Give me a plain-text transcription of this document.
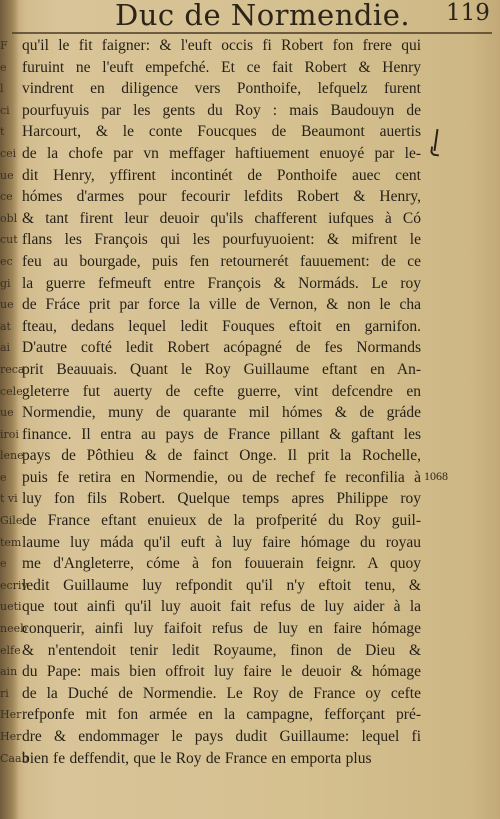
Duc de Normendie. 119
F
e
l
ci
t
cei
ue
ce
obl
cut
ec
gi
ue
at
ai
reca
cele
ue
iroi
lene
e
t vi
Gile
tem
e
ecriv
ueti
neeb
elfe
ain
ri
Her
Her
Caab
qu'il le fit faigner: & l'euft occis fi Robert fon frere qui
furuint ne l'euft empefché. Et ce fait Robert & Henry
vindrent en diligence vers Ponthoife, lefquelz furent
pourfuyuis par les gents du Roy : mais Baudouyn de
Harcourt, & le conte Foucques de Beaumont auertis
de la chofe par vn meffager haftiuement enuoyé par le-
dit Henry, yffirent incontinét de Ponthoife auec cent
hómes d'armes pour fecourir lefdits Robert & Henry,
& tant firent leur deuoir qu'ils chafferent iufques à Có
flans les François qui les pourfuyuoient: & mifrent le
feu au bourgade, puis fen retournerét fauuement: de ce
la guerre fefmeuft entre François & Normáds. Le roy
de Fráce prit par force la ville de Vernon, & non le cha
fteau, dedans lequel ledit Fouques eftoit en garnifon.
D'autre cofté ledit Robert acópagné de fes Normands
prit Beauuais. Quant le Roy Guillaume eftant en An-
gleterre fut auerty de cefte guerre, vint defcendre en
Normendie, muny de quarante mil hómes & de gráde
finance. Il entra au pays de France pillant & gaftant les
pays de Pôthieu & de fainct Onge. Il prit la Rochelle,
puis fe retira en Normendie, ou de rechef fe reconfilia à
luy fon fils Robert. Quelque temps apres Philippe roy
de France eftant enuieux de la profperité du Roy guil-
laume luy máda qu'il euft à luy faire hómage du royau
me d'Angleterre, cóme à fon fouuerain feignr. A quoy
ledit Guillaume luy refpondit qu'il n'y eftoit tenu, &
que tout ainfi qu'il luy auoit fait refus de luy aider à la
conquerir, ainfi luy faifoit refus de luy en faire hómage
& n'entendoit tenir ledit Royaume, finon de Dieu &
du Pape: mais bien offroit luy faire le deuoir & hómage
de la Duché de Normendie. Le Roy de France oy cefte
refponfe mit fon armée en la campagne, fefforçant pré-
dre & endommager le pays dudit Guillaume: lequel fi
bien fe deffendit, que le Roy de France en emporta plus
1068
